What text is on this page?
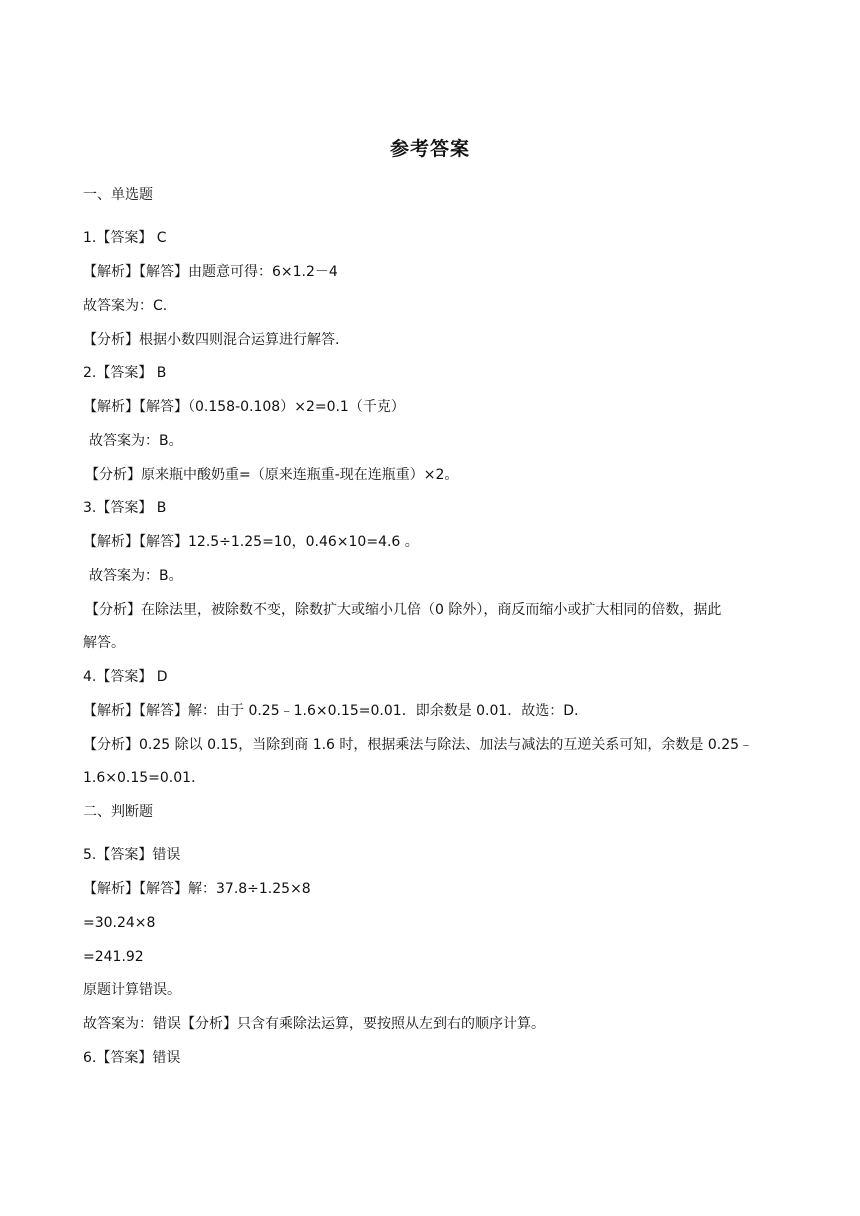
参考答案
一、单选题
1.【答案】 C
【解析】【解答】由题意可得：6×1.2－4
故答案为：C.
【分析】根据小数四则混合运算进行解答.
2.【答案】 B
【解析】【解答】（0.158-0.108）×2=0.1（千克）
故答案为：B。
【分析】原来瓶中酸奶重=（原来连瓶重-现在连瓶重）×2。
3.【答案】 B
【解析】【解答】12.5÷1.25=10，0.46×10=4.6 。
故答案为：B。
【分析】在除法里，被除数不变，除数扩大或缩小几倍（0 除外），商反而缩小或扩大相同的倍数，据此
解答。
4.【答案】 D
【解析】【解答】解：由于 0.25﹣1.6×0.15=0.01．即余数是 0.01．故选：D．
【分析】0.25 除以 0.15，当除到商 1.6 时，根据乘法与除法、加法与减法的互逆关系可知，余数是 0.25﹣
1.6×0.15=0.01．
二、判断题
5.【答案】错误
【解析】【解答】解：37.8÷1.25×8
=30.24×8
=241.92
原题计算错误。
故答案为：错误【分析】只含有乘除法运算，要按照从左到右的顺序计算。
6.【答案】错误
